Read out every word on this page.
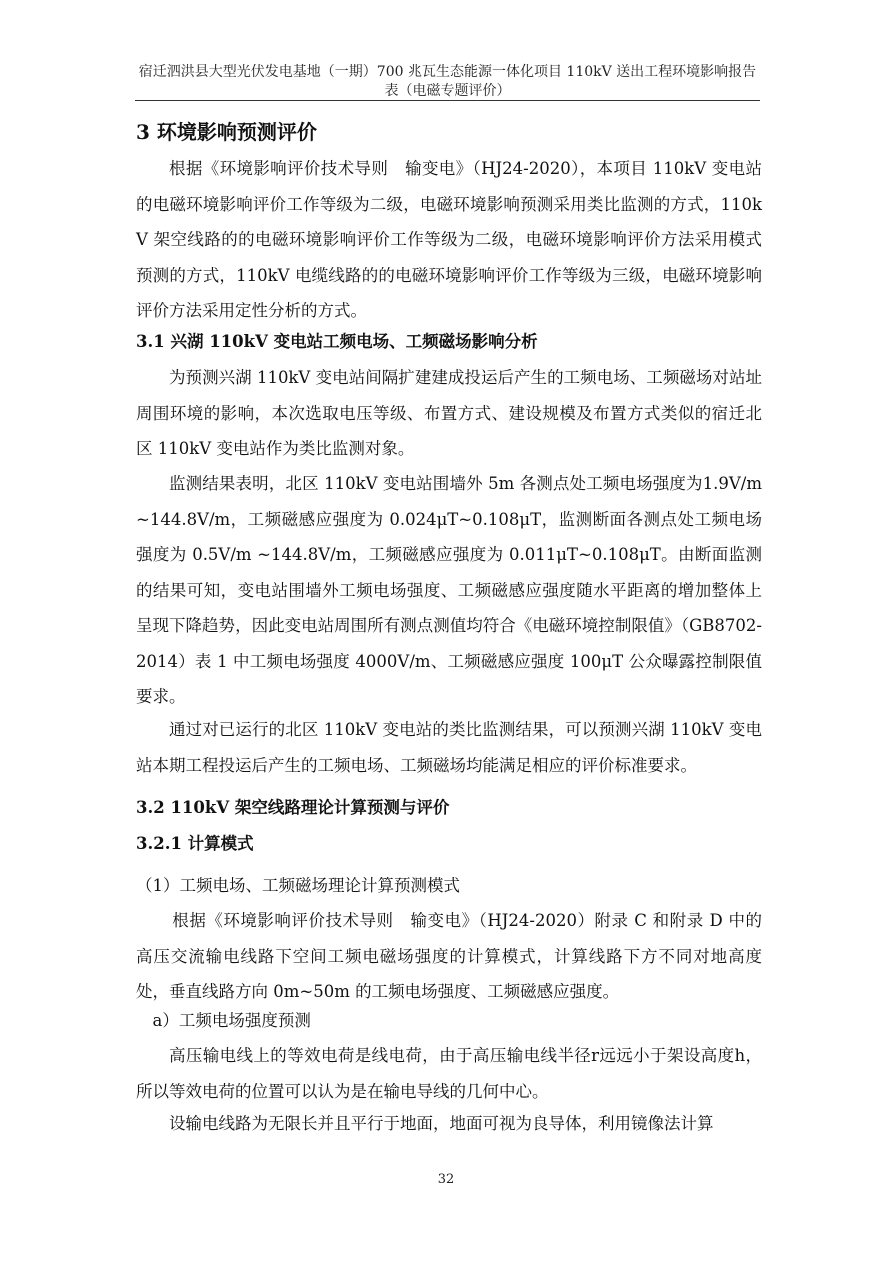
宿迁泗洪县大型光伏发电基地（一期）700 兆瓦生态能源一体化项目 110kV 送出工程环境影响报告表（电磁专题评价）
3 环境影响预测评价
根据《环境影响评价技术导则　输变电》（HJ24-2020），本项目 110kV 变电站的电磁环境影响评价工作等级为二级，电磁环境影响预测采用类比监测的方式，110kV 架空线路的的电磁环境影响评价工作等级为二级，电磁环境影响评价方法采用模式预测的方式，110kV 电缆线路的的电磁环境影响评价工作等级为三级，电磁环境影响评价方法采用定性分析的方式。
3.1 兴湖 110kV 变电站工频电场、工频磁场影响分析
为预测兴湖 110kV 变电站间隔扩建建成投运后产生的工频电场、工频磁场对站址周围环境的影响，本次选取电压等级、布置方式、建设规模及布置方式类似的宿迁北区 110kV 变电站作为类比监测对象。
监测结果表明，北区 110kV 变电站围墙外 5m 各测点处工频电场强度为1.9V/m~144.8V/m，工频磁感应强度为 0.024μT~0.108μT，监测断面各测点处工频电场强度为 0.5V/m ~144.8V/m，工频磁感应强度为 0.011μT~0.108μT。由断面监测的结果可知，变电站围墙外工频电场强度、工频磁感应强度随水平距离的增加整体上呈现下降趋势，因此变电站周围所有测点测值均符合《电磁环境控制限值》（GB8702-2014）表 1 中工频电场强度 4000V/m、工频磁感应强度 100μT 公众曝露控制限值要求。
通过对已运行的北区 110kV 变电站的类比监测结果，可以预测兴湖 110kV 变电站本期工程投运后产生的工频电场、工频磁场均能满足相应的评价标准要求。
3.2 110kV 架空线路理论计算预测与评价
3.2.1 计算模式
（1）工频电场、工频磁场理论计算预测模式
根据《环境影响评价技术导则　输变电》（HJ24-2020）附录 C 和附录 D 中的高压交流输电线路下空间工频电磁场强度的计算模式，计算线路下方不同对地高度处，垂直线路方向 0m~50m 的工频电场强度、工频磁感应强度。
a）工频电场强度预测
高压输电线上的等效电荷是线电荷，由于高压输电线半径r远远小于架设高度h，所以等效电荷的位置可以认为是在输电导线的几何中心。
设输电线路为无限长并且平行于地面，地面可视为良导体，利用镜像法计算
32
